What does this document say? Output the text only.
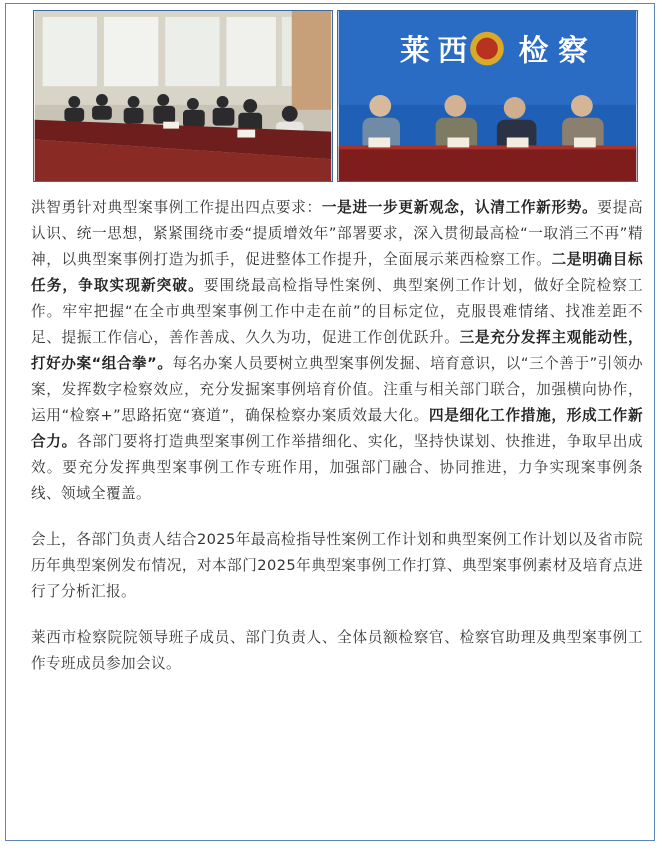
莱 西 检 察

洪智勇针对典型案事例工作提出四点要求：一是进一步更新观念，认清工作新形势。要提高认识、统一思想，紧紧围绕市委“提质增效年”部署要求，深入贯彻最高检“一取消三不再”精神，以典型案事例打造为抓手，促进整体工作提升，全面展示莱西检察工作。二是明确目标任务，争取实现新突破。要围绕最高检指导性案例、典型案例工作计划，做好全院检察工作。牢牢把握“在全市典型案事例工作中走在前”的目标定位，克服畏难情绪、找准差距不足、提振工作信心，善作善成、久久为功，促进工作创优跃升。三是充分发挥主观能动性，打好办案“组合拳”。每名办案人员要树立典型案事例发掘、培育意识，以“三个善于”引领办案，发挥数字检察效应，充分发掘案事例培育价值。注重与相关部门联合，加强横向协作，运用“检察+”思路拓宽“赛道”，确保检察办案质效最大化。四是细化工作措施，形成工作新合力。各部门要将打造典型案事例工作举措细化、实化，坚持快谋划、快推进，争取早出成效。要充分发挥典型案事例工作专班作用，加强部门融合、协同推进，力争实现案事例条线、领域全覆盖。

会上，各部门负责人结合2025年最高检指导性案例工作计划和典型案例工作计划以及省市院历年典型案例发布情况，对本部门2025年典型案事例工作打算、典型案事例素材及培育点进行了分析汇报。

莱西市检察院院领导班子成员、部门负责人、全体员额检察官、检察官助理及典型案事例工作专班成员参加会议。
